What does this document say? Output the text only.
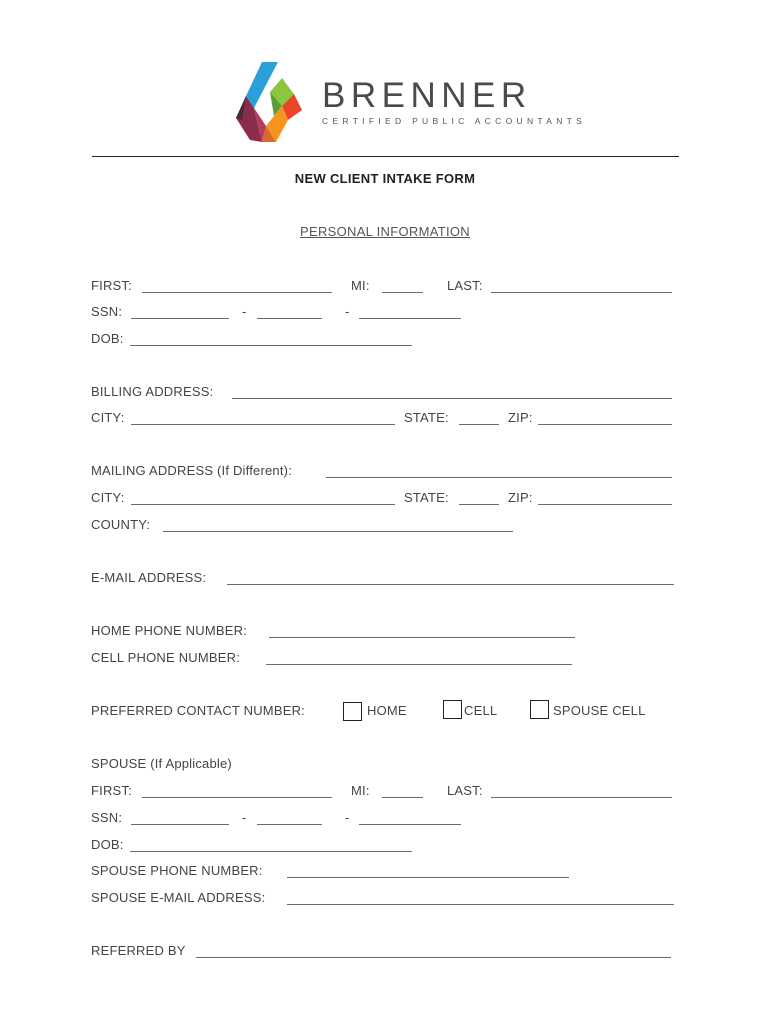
BRENNER
CERTIFIED PUBLIC ACCOUNTANTS
NEW CLIENT INTAKE FORM
PERSONAL INFORMATION
FIRST:	MI:	LAST:
SSN:	-	-
DOB:
BILLING ADDRESS:
CITY:	STATE:	ZIP:
MAILING ADDRESS (If Different):
CITY:	STATE:	ZIP:
COUNTY:
E-MAIL ADDRESS:
HOME PHONE NUMBER:
CELL PHONE NUMBER:
PREFERRED CONTACT NUMBER:	HOME	CELL	SPOUSE CELL
SPOUSE (If Applicable)
FIRST:	MI:	LAST:
SSN:	-	-
DOB:
SPOUSE PHONE NUMBER:
SPOUSE E-MAIL ADDRESS:
REFERRED BY
